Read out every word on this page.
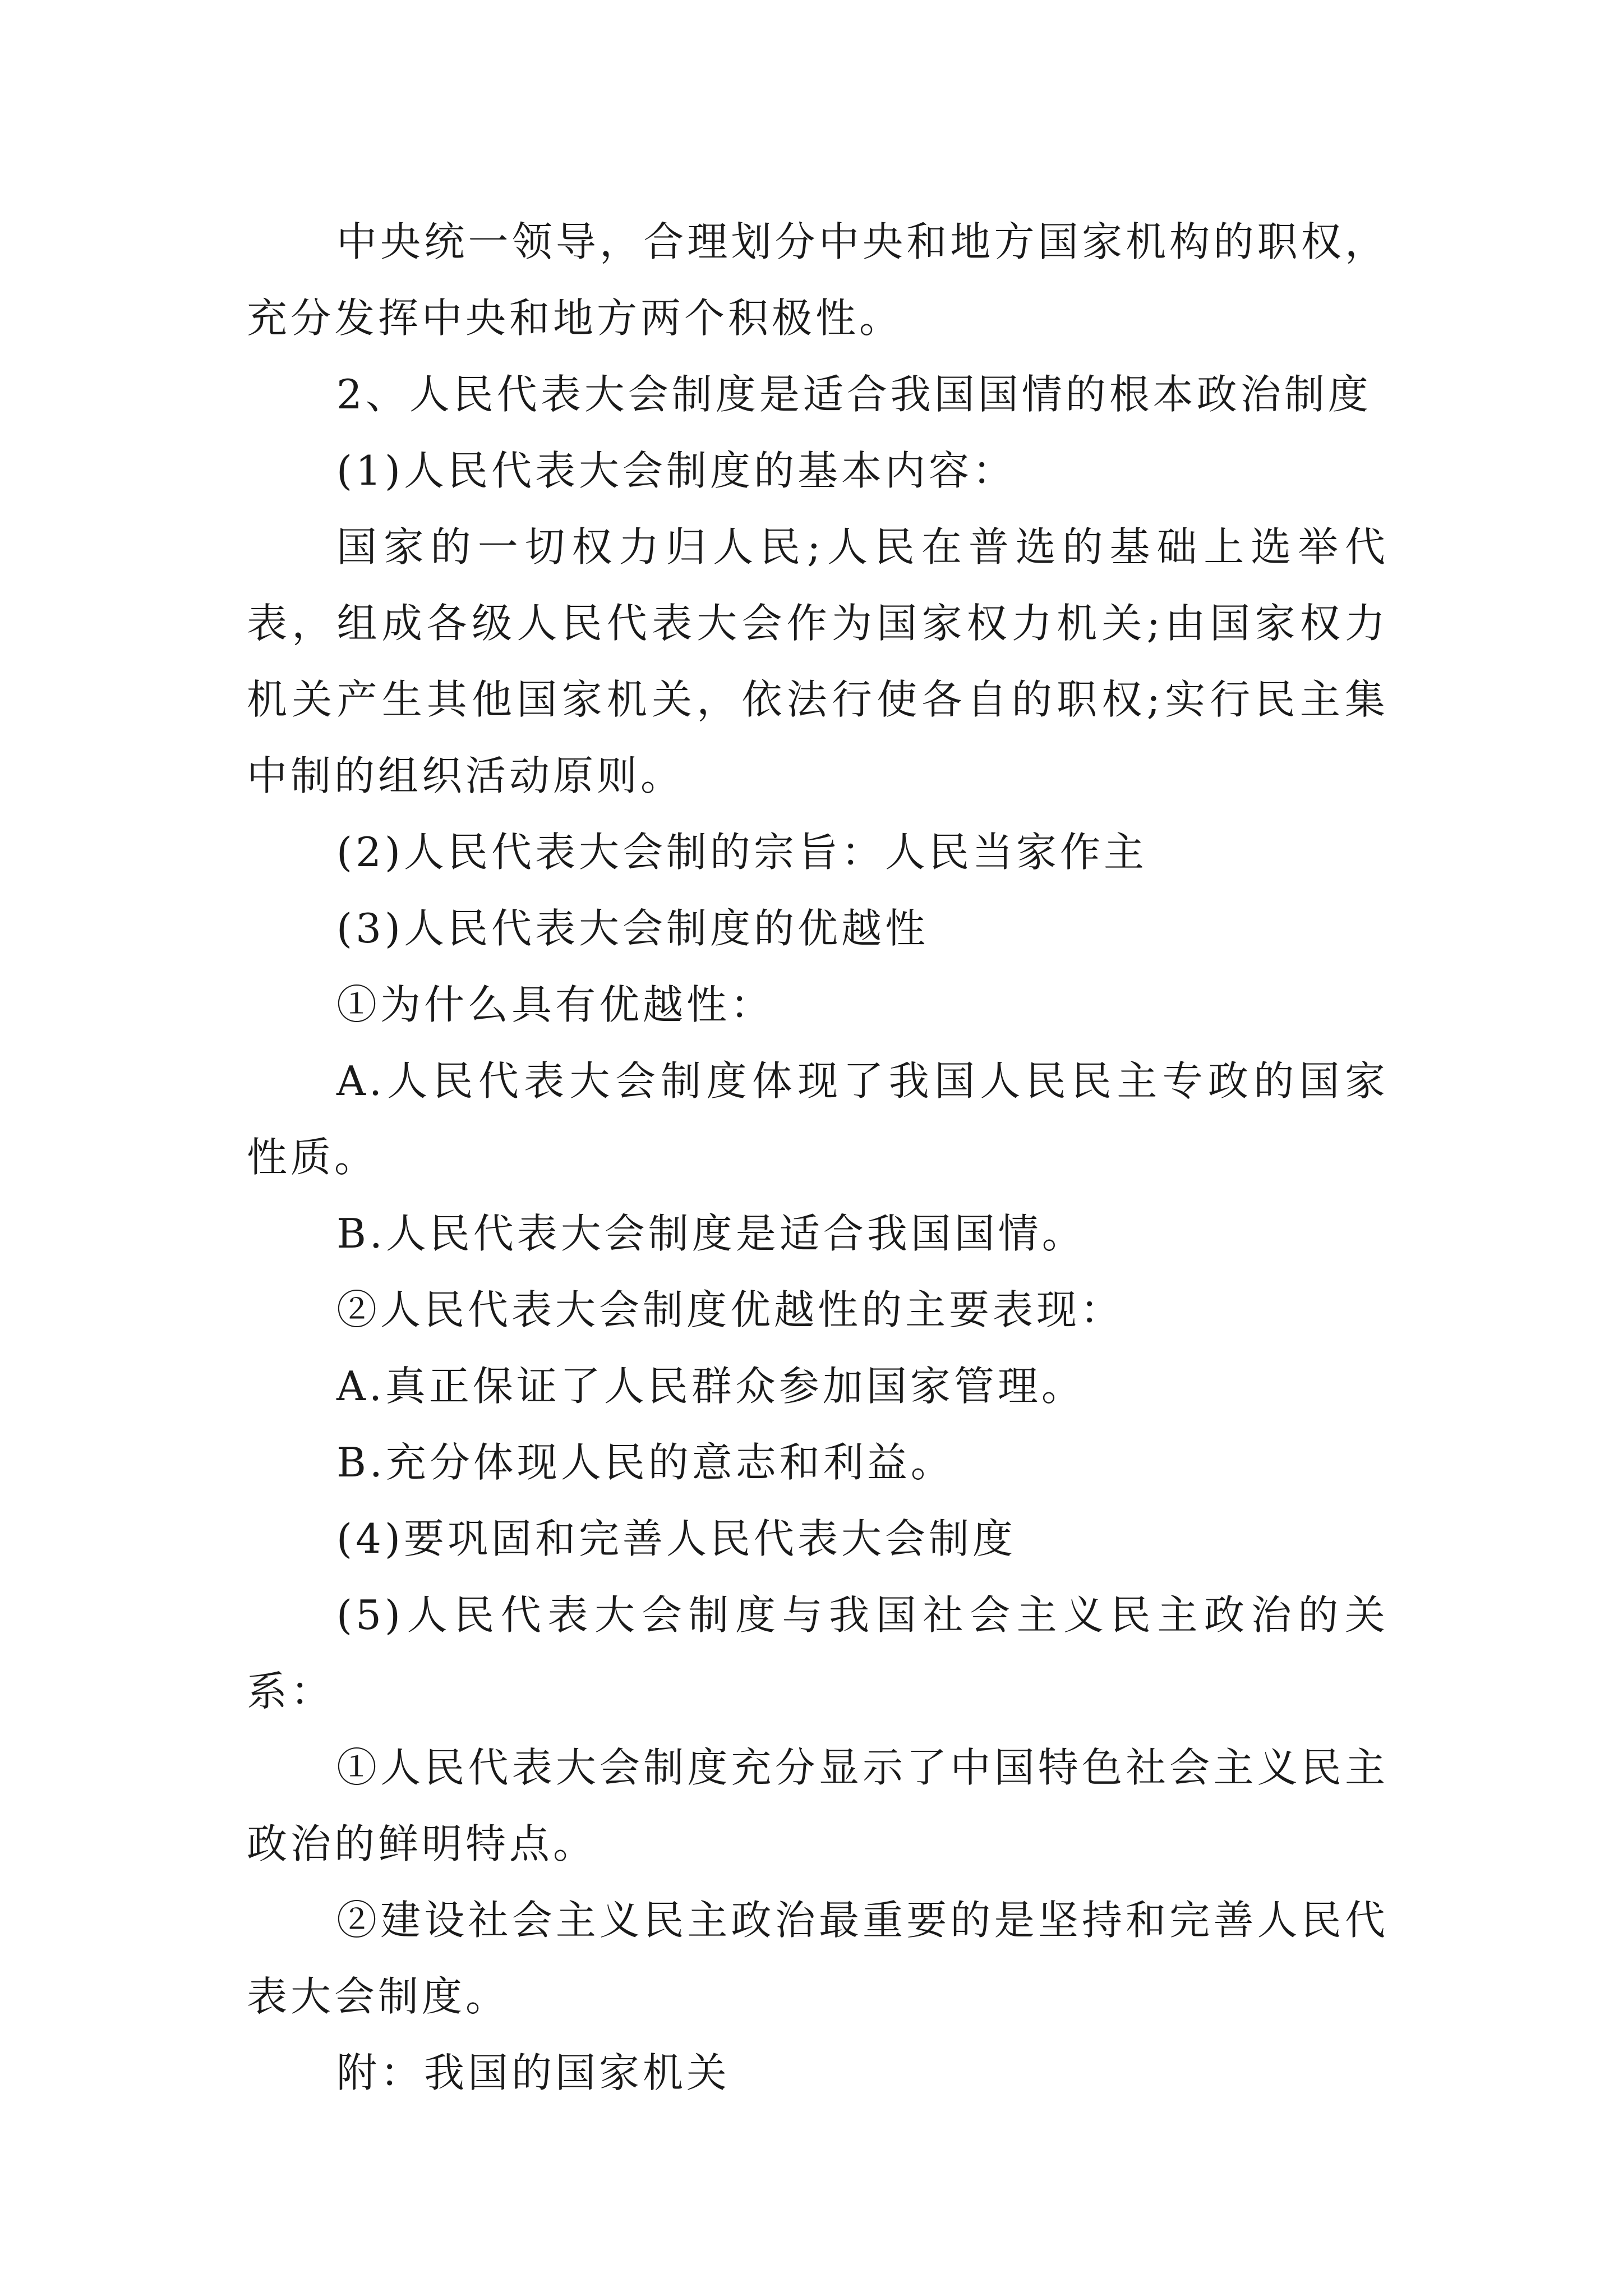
中央统一领导，合理划分中央和地方国家机构的职权，充分发挥中央和地方两个积极性。

2、人民代表大会制度是适合我国国情的根本政治制度

(1)人民代表大会制度的基本内容：

国家的一切权力归人民;人民在普选的基础上选举代表，组成各级人民代表大会作为国家权力机关;由国家权力机关产生其他国家机关，依法行使各自的职权;实行民主集中制的组织活动原则。

(2)人民代表大会制的宗旨：人民当家作主

(3)人民代表大会制度的优越性

①为什么具有优越性：

A.人民代表大会制度体现了我国人民民主专政的国家性质。

B.人民代表大会制度是适合我国国情。

②人民代表大会制度优越性的主要表现：

A.真正保证了人民群众参加国家管理。

B.充分体现人民的意志和利益。

(4)要巩固和完善人民代表大会制度

(5)人民代表大会制度与我国社会主义民主政治的关系：

①人民代表大会制度充分显示了中国特色社会主义民主政治的鲜明特点。

②建设社会主义民主政治最重要的是坚持和完善人民代表大会制度。

附：我国的国家机关
